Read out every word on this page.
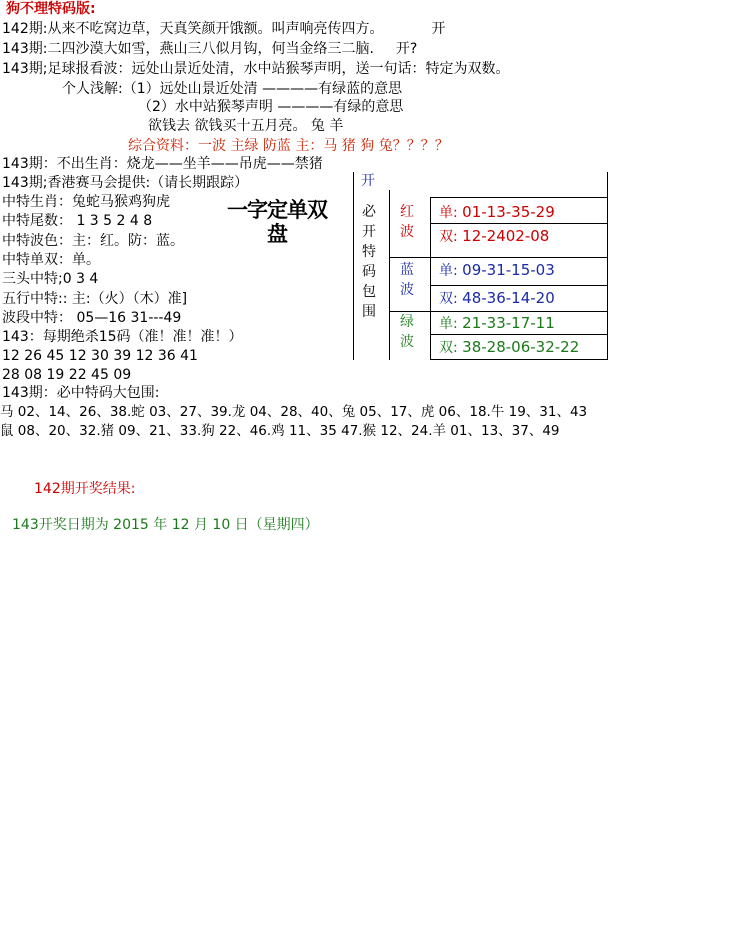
狗不理特码版:
142期:从来不吃窝边草，天真笑颜开饿额。叫声响亮传四方。	开
143期:二四沙漠大如雪，燕山三八似月钩，何当金络三二脑. 开?
143期;足球报看波：远处山景近处清，水中站猴琴声明，送一句话：特定为双数。
个人浅解:（1）远处山景近处清 ————有绿蓝的意思
（2）水中站猴琴声明 ————有绿的意思
欲钱去 欲钱买十五月亮。 兔 羊
综合资料：一波 主绿 防蓝 主：马 猪 狗 兔？？？？
143期：不出生肖：烧龙——坐羊——吊虎——禁猪
143期;香港赛马会提供:（请长期跟踪）
中特生肖：兔蛇马猴鸡狗虎
中特尾数： 1 3 5 2 4 8
中特波色：主：红。防：蓝。
中特单双：单。
三头中特;0 3 4
五行中特:: 主:（火）（木）准]
波段中特： 05—16 31---49
143：每期绝杀15码（准！准！准！）
12 26 45 12 30 39 12 36 41
28 08 19 22 45 09
一字定单双盘
开
必
开
特
码
包
围
红
波
单: 01-13-35-29
双: 12-2402-08
蓝
波
单: 09-31-15-03
双: 48-36-14-20
绿
波
单: 21-33-17-11
双: 38-28-06-32-22
143期：必中特码大包围:
马 02、14、26、38.蛇 03、27、39.龙 04、28、40、兔 05、17、虎 06、18.牛 19、31、43
鼠 08、20、32.猪 09、21、33.狗 22、46.鸡 11、35 47.猴 12、24.羊 01、13、37、49
142期开奖结果:
143开奖日期为 2015 年 12 月 10 日（星期四）
